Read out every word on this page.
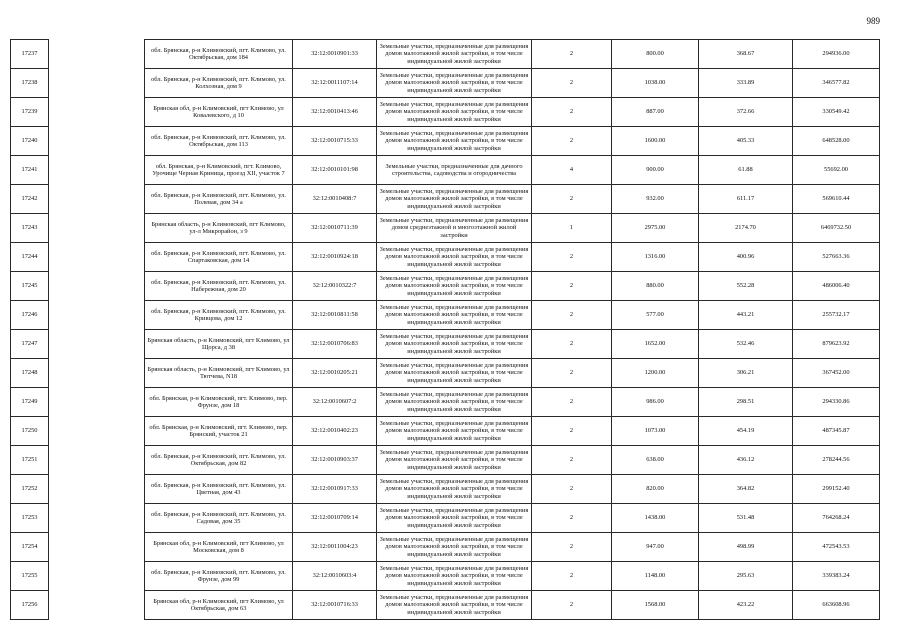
989
17237		обл. Брянская, р-н Климовский, пгт. Климово, ул. Октябрьская, дом 184	32:12:0010901:33	Земельные участки, предназначенные для размещения домов малоэтажной жилой застройки, в том числе индивидуальной жилой застройки	2	800.00	368.67	294936.00
17238		обл. Брянская, р-н Климовский, пгт. Климово, ул. Колхозная, дом 9	32:12:0011107:14	Земельные участки, предназначенные для размещения домов малоэтажной жилой застройки, в том числе индивидуальной жилой застройки	2	1038.00	333.89	346577.82
17239		Брянская обл, р-н Климовский, пгт Климово, ул Ковалевского, д 10	32:12:0010413:46	Земельные участки, предназначенные для размещения домов малоэтажной жилой застройки, в том числе индивидуальной жилой застройки	2	887.00	372.66	330549.42
17240		обл. Брянская, р-н Климовский, пгт. Климово, ул. Октябрьская, дом 113	32:12:0010715:33	Земельные участки, предназначенные для размещения домов малоэтажной жилой застройки, в том числе индивидуальной жилой застройки	2	1600.00	405.33	648528.00
17241		обл. Брянская, р-н Климовский, пгт. Климово, Урочище Черная Криница, проезд XII, участок 7	32:12:0010101:98	Земельные участки, предназначенные для дачного строительства, садоводства и огородничества	4	900.00	61.88	55692.00
17242		обл. Брянская, р-н Климовский, пгт. Климово, ул. Полевая, дом 34 а	32:12:0010408:7	Земельные участки, предназначенные для размещения домов малоэтажной жилой застройки, в том числе индивидуальной жилой застройки	2	932.00	611.17	569610.44
17243		Брянская область, р-н Климовский, пгт Климово, ул-л Микрорайон, з 9	32:12:0010711:39	Земельные участки, предназначенные для размещения домов среднеэтажной и многоэтажной жилой застройки	1	2975.00	2174.70	6469732.50
17244		обл. Брянская, р-н Климовский, пгт. Климово, ул. Спартаковская, дом 14	32:12:0010924:18	Земельные участки, предназначенные для размещения домов малоэтажной жилой застройки, в том числе индивидуальной жилой застройки	2	1316.00	400.96	527663.36
17245		обл. Брянская, р-н Климовский, пгт. Климово, ул. Набережная, дом 20	32:12:0010322:7	Земельные участки, предназначенные для размещения домов малоэтажной жилой застройки, в том числе индивидуальной жилой застройки	2	880.00	552.28	486006.40
17246		обл. Брянская, р-н Климовский, пгт. Климово, ул. Кривцова, дом 12	32:12:0010811:58	Земельные участки, предназначенные для размещения домов малоэтажной жилой застройки, в том числе индивидуальной жилой застройки	2	577.00	443.21	255732.17
17247		Брянская область, р-н Климовский, пгт Климово, ул Щорса, д 38	32:12:0010706:83	Земельные участки, предназначенные для размещения домов малоэтажной жилой застройки, в том числе индивидуальной жилой застройки	2	1652.00	532.46	879623.92
17248		Брянская область, р-н Климовский, пгт Климово, ул Тютчева, N18	32:12:0010205:21	Земельные участки, предназначенные для размещения домов малоэтажной жилой застройки, в том числе индивидуальной жилой застройки	2	1200.00	306.21	367452.00
17249		обл. Брянская, р-н Климовский, пгт. Климово, пер. Фрунзе, дом 18	32:12:0010607:2	Земельные участки, предназначенные для размещения домов малоэтажной жилой застройки, в том числе индивидуальной жилой застройки	2	986.00	298.51	294330.86
17250		обл. Брянская, р-н Климовский, пгт. Климово, пер. Брянский, участок 21	32:12:0010402:23	Земельные участки, предназначенные для размещения домов малоэтажной жилой застройки, в том числе индивидуальной жилой застройки	2	1073.00	454.19	487345.87
17251		обл. Брянская, р-н Климовский, пгт. Климово, ул. Октябрьская, дом 82	32:12:0010903:37	Земельные участки, предназначенные для размещения домов малоэтажной жилой застройки, в том числе индивидуальной жилой застройки	2	638.00	436.12	278244.56
17252		обл. Брянская, р-н Климовский, пгт. Климово, ул. Цветная, дом 43	32:12:0010917:33	Земельные участки, предназначенные для размещения домов малоэтажной жилой застройки, в том числе индивидуальной жилой застройки	2	820.00	364.82	299152.40
17253		обл. Брянская, р-н Климовский, пгт. Климово, ул. Садовая, дом 35	32:12:0010709:14	Земельные участки, предназначенные для размещения домов малоэтажной жилой застройки, в том числе индивидуальной жилой застройки	2	1438.00	531.48	764268.24
17254		Брянская обл, р-н Климовский, пгт Климово, ул Московская, дом 8	32:12:0011004:23	Земельные участки, предназначенные для размещения домов малоэтажной жилой застройки, в том числе индивидуальной жилой застройки	2	947.00	498.99	472543.53
17255		обл. Брянская, р-н Климовский, пгт. Климово, ул. Фрунзе, дом 99	32:12:0010603:4	Земельные участки, предназначенные для размещения домов малоэтажной жилой застройки, в том числе индивидуальной жилой застройки	2	1148.00	295.63	339383.24
17256		Брянская обл, р-н Климовский, пгт Климово, ул Октябрьская, дом 63	32:12:0010716:33	Земельные участки, предназначенные для размещения домов малоэтажной жилой застройки, в том числе индивидуальной жилой застройки	2	1568.00	423.22	663608.96
